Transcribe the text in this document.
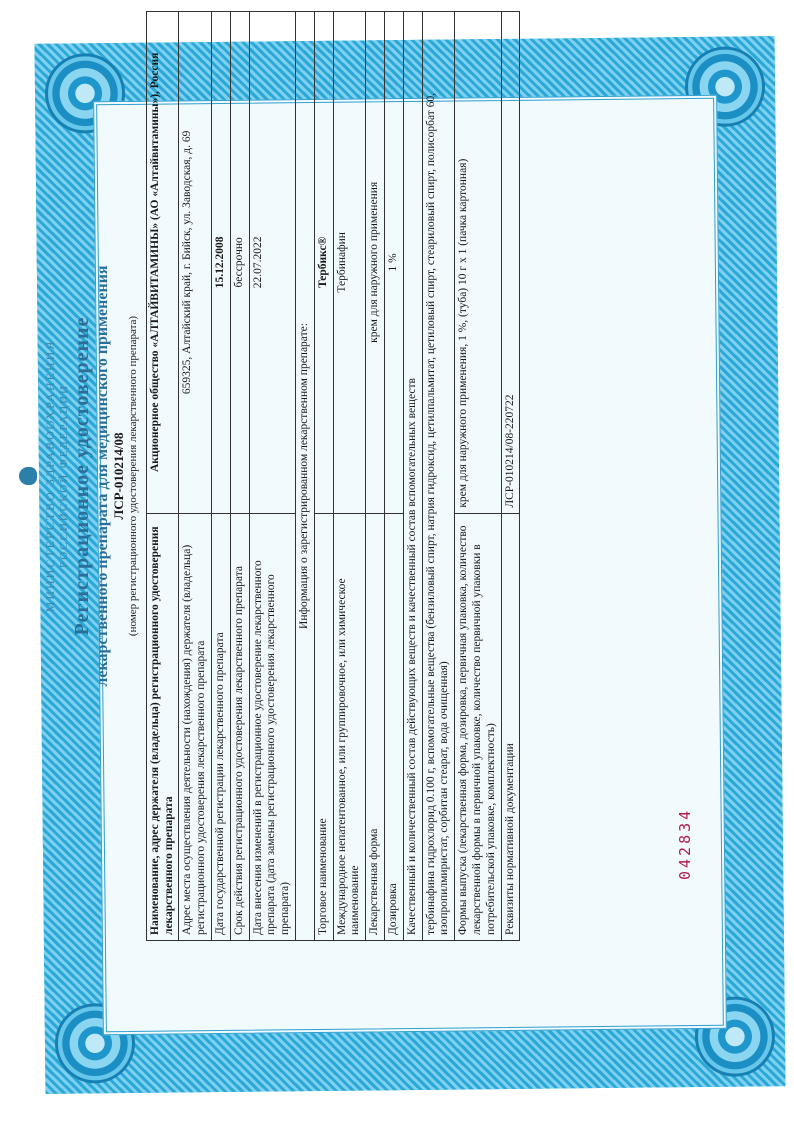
МИНИСТЕРСТВО ЗДРАВООХРАНЕНИЯ РОССИЙСКОЙ ФЕДЕРАЦИИ Регистрационное удостоверение лекарственного препарата для медицинского применения ЛСР-010214/08 (номер регистрационного удостоверения лекарственного препарата)
Наименование, адрес держателя (владельца) регистрационного удостоверения лекарственного препарата	Акционерное общество «АЛТАЙВИТАМИНЫ» (АО «Алтайвитамины»), Россия
Адрес места осуществления деятельности (нахождения) держателя (владельца) регистрационного удостоверения лекарственного препарата	659325, Алтайский край, г. Бийск, ул. Заводская, д. 69
Дата государственной регистрации лекарственного препарата	15.12.2008
Срок действия регистрационного удостоверения лекарственного препарата	бессрочно
Дата внесения изменений в регистрационное удостоверение лекарственного препарата (дата замены регистрационного удостоверения лекарственного препарата)	22.07.2022
Информация о зарегистрированном лекарственном препарате:	
Торговое наименование	Тербикс®
Международное непатентованное, или группировочное, или химическое наименование	Тербинафин
Лекарственная форма	крем для наружного применения
Дозировка	1 %
Качественный и количественный состав действующих веществ и качественный состав вспомогательных веществ	
тербинафина гидрохлорид 0.100 г, вспомогательные вещества (бензиловый спирт, натрия гидроксид, цетилпальмитат, цетиловый спирт, стеариловый спирт, полисорбат 60, изопропилмиристат, сорбитан стеарат, вода очищенная)	
Формы выпуска (лекарственная форма, дозировка, первичная упаковка, количество лекарственной формы в первичной упаковке, количество первичной упаковки в потребительской упаковке, комплектность)	крем для наружного применения, 1 %, (туба) 10 г х 1 (пачка картонная)
Реквизиты нормативной документации	ЛСР-010214/08-220722
042834
